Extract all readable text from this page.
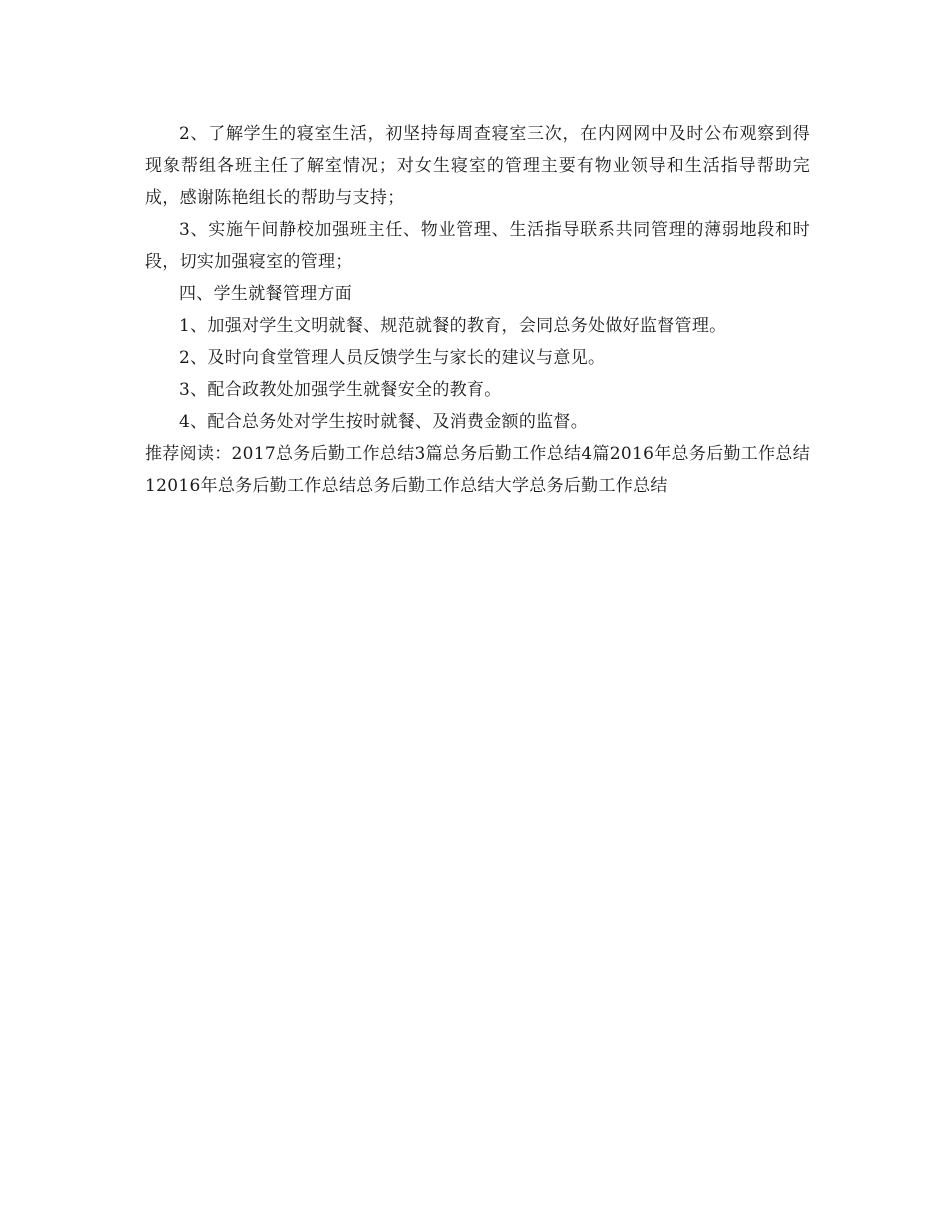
2、了解学生的寝室生活，初坚持每周查寝室三次，在内网网中及时公布观察到得现象帮组各班主任了解室情况；对女生寝室的管理主要有物业领导和生活指导帮助完成，感谢陈艳组长的帮助与支持；

3、实施午间静校加强班主任、物业管理、生活指导联系共同管理的薄弱地段和时段，切实加强寝室的管理；

四、学生就餐管理方面

1、加强对学生文明就餐、规范就餐的教育，会同总务处做好监督管理。

2、及时向食堂管理人员反馈学生与家长的建议与意见。

3、配合政教处加强学生就餐安全的教育。

4、配合总务处对学生按时就餐、及消费金额的监督。

推荐阅读：2017总务后勤工作总结3篇总务后勤工作总结4篇2016年总务后勤工作总结12016年总务后勤工作总结总务后勤工作总结大学总务后勤工作总结
